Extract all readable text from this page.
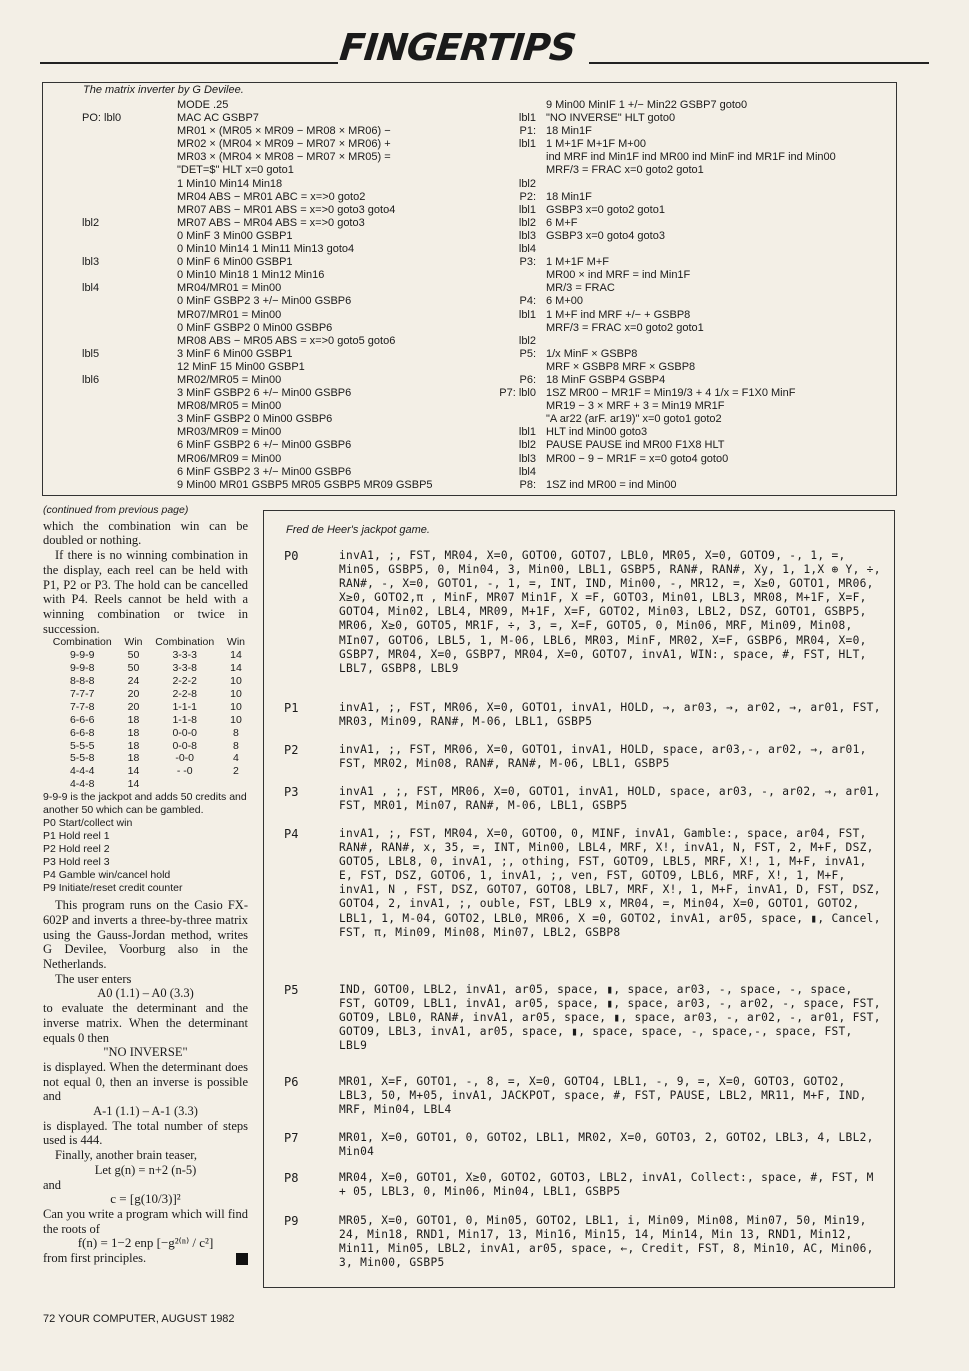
FINGERTIPS
The matrix inverter by G Devilee.
MODE .25
PO: lbl0	MAC AC GSBP7
MR01 × (MR05 × MR09 − MR08 × MR06) −
MR02 × (MR04 × MR09 − MR07 × MR06) +
MR03 × (MR04 × MR08 − MR07 × MR05) =
"DET=$" HLT x=0 goto1
1 Min10 Min14 Min18
MR04 ABS − MR01 ABC = x=>0 goto2
MR07 ABS − MR01 ABS = x=>0 goto3 goto4
lbl2	MR07 ABS − MR04 ABS = x=>0 goto3
0 MinF 3 Min00 GSBP1
0 Min10 Min14 1 Min11 Min13 goto4
lbl3	0 MinF 6 Min00 GSBP1
0 Min10 Min18 1 Min12 Min16
lbl4	MR04/MR01 = Min00
0 MinF GSBP2 3 +/− Min00 GSBP6
MR07/MR01 = Min00
0 MinF GSBP2 0 Min00 GSBP6
MR08 ABS − MR05 ABS = x=>0 goto5 goto6
lbl5	3 MinF 6 Min00 GSBP1
12 MinF 15 Min00 GSBP1
lbl6	MR02/MR05 = Min00
3 MinF GSBP2 6 +/− Min00 GSBP6
MR08/MR05 = Min00
3 MinF GSBP2 0 Min00 GSBP6
MR03/MR09 = Min00
6 MinF GSBP2 6 +/− Min00 GSBP6
MR06/MR09 = Min00
6 MinF GSBP2 3 +/− Min00 GSBP6
9 Min00 MR01 GSBP5 MR05 GSBP5 MR09 GSBP5
9 Min00 MinIF 1 +/− Min22 GSBP7 goto0
lbl1 "NO INVERSE" HLT goto0
P1: 18 Min1F
lbl1 1 M+1F M+1F M+00
ind MRF ind Min1F ind MR00 ind MinF ind MR1F ind Min00
MRF/3 = FRAC x=0 goto2 goto1
lbl2
P2: 18 Min1F
lbl1 GSBP3 x=0 goto2 goto1
lbl2 6 M+F
lbl3 GSBP3 x=0 goto4 goto3
lbl4
P3: 1 M+1F M+F
MR00 × ind MRF = ind Min1F
MR/3 = FRAC
P4: 6 M+00
lbl1 1 M+F ind MRF +/− + GSBP8
MRF/3 = FRAC x=0 goto2 goto1
lbl2
P5: 1/x MinF × GSBP8
MRF × GSBP8 MRF × GSBP8
P6: 18 MinF GSBP4 GSBP4
P7: lbl0 1SZ MR00 − MR1F = Min19/3 + 4 1/x = F1X0 MinF
MR19 − 3 × MRF + 3 = Min19 MR1F
"A ar22 (arF. ar19)" x=0 goto1 goto2
lbl1 HLT ind Min00 goto3
lbl2 PAUSE PAUSE ind MR00 F1X8 HLT
lbl3 MR00 − 9 − MR1F = x=0 goto4 goto0
lbl4
P8: 1SZ ind MR00 = ind Min00

(continued from previous page)

which the combination win can be doubled or nothing.

If there is no winning combination in the display, each reel can be held with P1, P2 or P3. The hold can be cancelled with P4. Reels cannot be held with a winning combination or twice in succession.

Combination	Win	Combination	Win
9-9-9	50	3-3-3	14
9-9-8	50	3-3-8	14
8-8-8	24	2-2-2	10
7-7-7	20	2-2-8	10
7-7-8	20	1-1-1	10
6-6-6	18	1-1-8	10
6-6-8	18	0-0-0	8
5-5-5	18	0-0-8	8
5-5-8	18	-0-0	4
4-4-4	14	- -0	2
4-4-8	14		

9-9-9 is the jackpot and adds 50 credits and another 50 which can be gambled.

P0 Start/collect win
P1 Hold reel 1
P2 Hold reel 2
P3 Hold reel 3
P4 Gamble win/cancel hold
P9 Initiate/reset credit counter

This program runs on the Casio FX-602P and inverts a three-by-three matrix using the Gauss-Jordan method, writes G Devilee, Voorburg also in the Netherlands.

The user enters

A0 (1.1) – A0 (3.3)

to evaluate the determinant and the inverse matrix. When the determinant equals 0 then

"NO INVERSE"

is displayed. When the determinant does not equal 0, then an inverse is possible and

A-1 (1.1) – A-1 (3.3)

is displayed. The total number of steps used is 444.

Finally, another brain teaser,

Let g(n) = n+2 (n-5)

and

c = [g(10/3)]²

Can you write a program which will find the roots of

f(n) = 1−2 enp [−g²⁽ⁿ⁾ / c²]

from first principles.

Fred de Heer's jackpot game.
P0	invA1, ;, FST, MR04, X=0, GOTO0, GOTO7, LBL0, MR05, X=0, GOTO9, -, 1, =, Min05, GSBP5, 0, Min04, 3, Min00, LBL1, GSBP5, RAN#, RAN#, Xy, 1, 1,X ⊕ Y, ÷, RAN#, -, X=0, GOTO1, -, 1, =, INT, IND, Min00, -, MR12, =, X≥0, GOTO1, MR06, X≥0, GOTO2,π , MinF, MR07 Min1F, X =F, GOTO3, Min01, LBL3, MR08, M+1F, X=F, GOTO4, Min02, LBL4, MR09, M+1F, X=F, GOTO2, Min03, LBL2, DSZ, GOTO1, GSBP5, MR06, X≥0, GOTO5, MR1F, ÷, 3, =, X=F, GOTO5, 0, Min06, MRF, Min09, Min08, MIn07, GOTO6, LBL5, 1, M-06, LBL6, MR03, MinF, MR02, X=F, GSBP6, MR04, X=0, GSBP7, MR04, X=0, GSBP7, MR04, X=0, GOTO7, invA1, WIN:, space, #, FST, HLT, LBL7, GSBP8, LBL9
P1	invA1, ;, FST, MR06, X=0, GOTO1, invA1, HOLD, →, ar03, →, ar02, →, ar01, FST, MR03, Min09, RAN#, M-06, LBL1, GSBP5
P2	invA1, ;, FST, MR06, X=0, GOTO1, invA1, HOLD, space, ar03,-, ar02, →, ar01, FST, MR02, Min08, RAN#, RAN#, M-06, LBL1, GSBP5
P3	invA1 , ;, FST, MR06, X=0, GOTO1, invA1, HOLD, space, ar03, -, ar02, →, ar01, FST, MR01, Min07, RAN#, M-06, LBL1, GSBP5
P4	invA1, ;, FST, MR04, X=0, GOTO0, 0, MINF, invA1, Gamble:, space, ar04, FST, RAN#, RAN#, x, 35, =, INT, Min00, LBL4, MRF, X!, invA1, N, FST, 2, M+F, DSZ, GOTO5, LBL8, 0, invA1, ;, othing, FST, GOTO9, LBL5, MRF, X!, 1, M+F, invA1, E, FST, DSZ, GOTO6, 1, invA1, ;, ven, FST, GOTO9, LBL6, MRF, X!, 1, M+F, invA1, N , FST, DSZ, GOTO7, GOTO8, LBL7, MRF, X!, 1, M+F, invA1, D, FST, DSZ, GOTO4, 2, invA1, ;, ouble, FST, LBL9 x, MR04, =, Min04, X=0, GOTO1, GOTO2, LBL1, 1, M-04, GOTO2, LBL0, MR06, X =0, GOTO2, invA1, ar05, space, ▮, Cancel, FST, π, Min09, Min08, Min07, LBL2, GSBP8
P5	IND, GOTO0, LBL2, invA1, ar05, space, ▮, space, ar03, -, space, -, space, FST, GOTO9, LBL1, invA1, ar05, space, ▮, space, ar03, -, ar02, -, space, FST, GOTO9, LBL0, RAN#, invA1, ar05, space, ▮, space, ar03, -, ar02, -, ar01, FST, GOTO9, LBL3, invA1, ar05, space, ▮, space, space, -, space,-, space, FST, LBL9
P6	MR01, X=F, GOTO1, -, 8, =, X=0, GOTO4, LBL1, -, 9, =, X=0, GOTO3, GOTO2, LBL3, 50, M+05, invA1, JACKPOT, space, #, FST, PAUSE, LBL2, MR11, M+F, IND, MRF, Min04, LBL4
P7	MR01, X=0, GOTO1, 0, GOTO2, LBL1, MR02, X=0, GOTO3, 2, GOTO2, LBL3, 4, LBL2, Min04
P8	MR04, X=0, GOTO1, X≥0, GOTO2, GOTO3, LBL2, invA1, Collect:, space, #, FST, M + 05, LBL3, 0, Min06, Min04, LBL1, GSBP5
P9	MR05, X=0, GOTO1, 0, Min05, GOTO2, LBL1, i, Min09, Min08, Min07, 50, Min19, 24, Min18, RND1, Min17, 13, Min16, Min15, 14, Min14, Min 13, RND1, Min12, Min11, Min05, LBL2, invA1, ar05, space, ←, Credit, FST, 8, Min10, AC, Min06, 3, Min00, GSBP5
72 YOUR COMPUTER, AUGUST 1982
